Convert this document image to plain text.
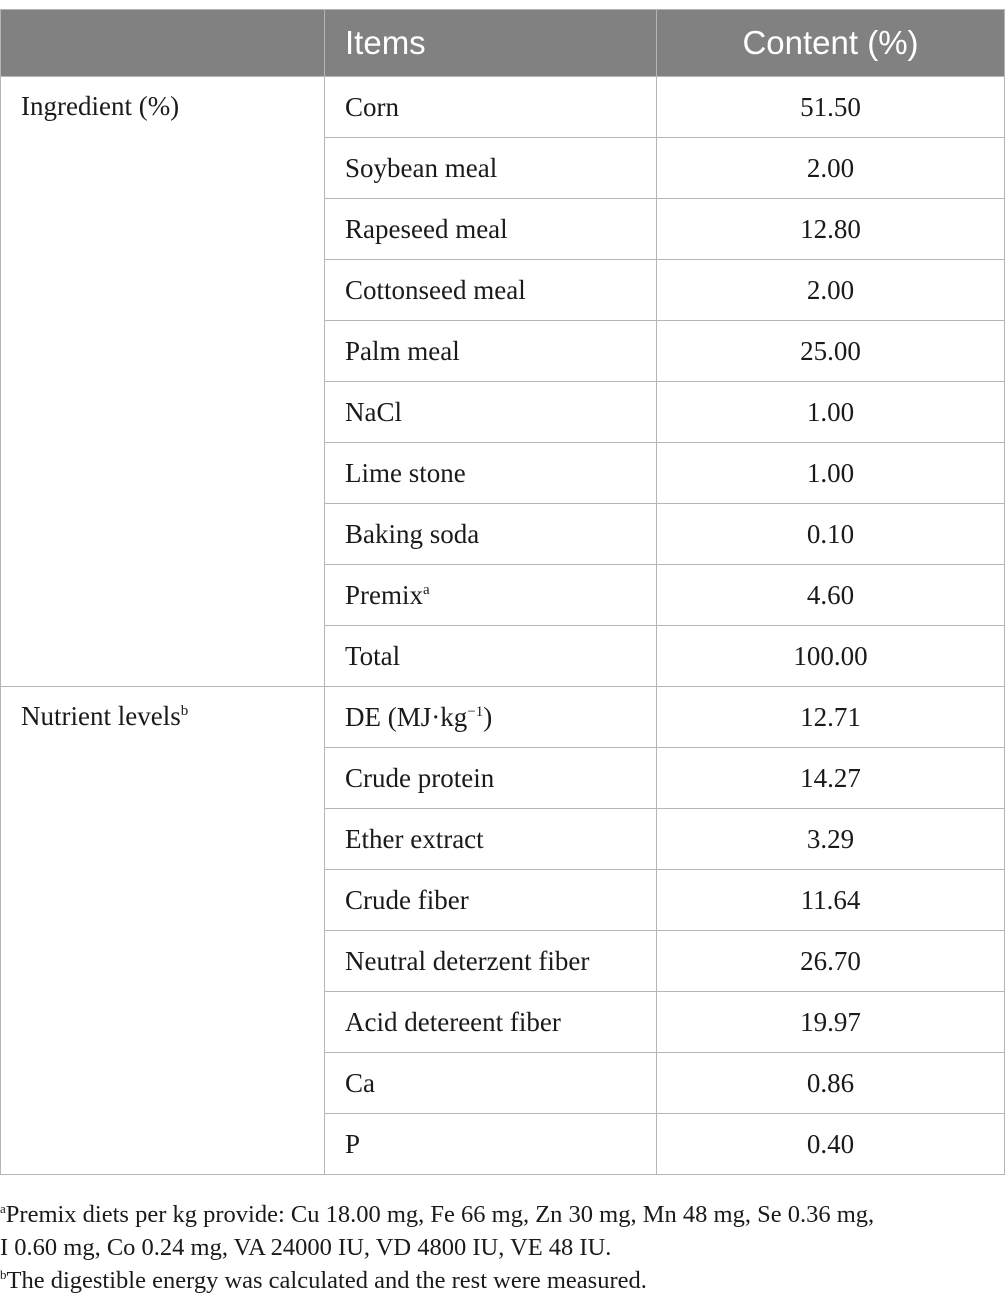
	Items	Content (%)
Ingredient (%)	Corn	51.50
	Soybean meal	2.00
	Rapeseed meal	12.80
	Cottonseed meal	2.00
	Palm meal	25.00
	NaCl	1.00
	Lime stone	1.00
	Baking soda	0.10
	Premix$^a$	4.60
	Total	100.00
Nutrient levels$^b$	DE $(MJ\cdot kg^{-1})$	12.71
	Crude protein	14.27
	Ether extract	3.29
	Crude fiber	11.64
	Neutral deterzent fiber	26.70
	Acid detereent fiber	19.97
	Ca	0.86
	P	0.40
$^a$Premix diets per kg provide: Cu 18.00 mg, Fe 66 mg, Zn 30 mg, Mn 48 mg, Se 0.36 mg,
I 0.60 mg, Co 0.24 mg, VA 24000 IU, VD 4800 IU, VE 48 IU.
$^b$The digestible energy was calculated and the rest were measured.
